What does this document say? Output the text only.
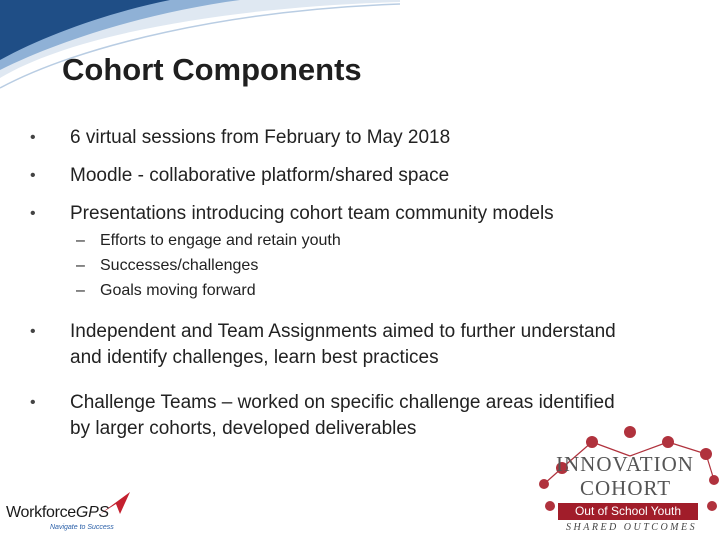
Cohort Components
• 6 virtual sessions from February to May 2018
• Moodle - collaborative platform/shared space
• Presentations introducing cohort team community models
– Efforts to engage and retain youth
– Successes/challenges
– Goals moving forward
• Independent and Team Assignments aimed to further understand and identify challenges, learn best practices
• Challenge Teams – worked on specific challenge areas identified by larger cohorts, developed deliverables
WorkforceGPS
Navigate to Success
INNOVATION
COHORT
Out of School Youth
SHARED OUTCOMES
